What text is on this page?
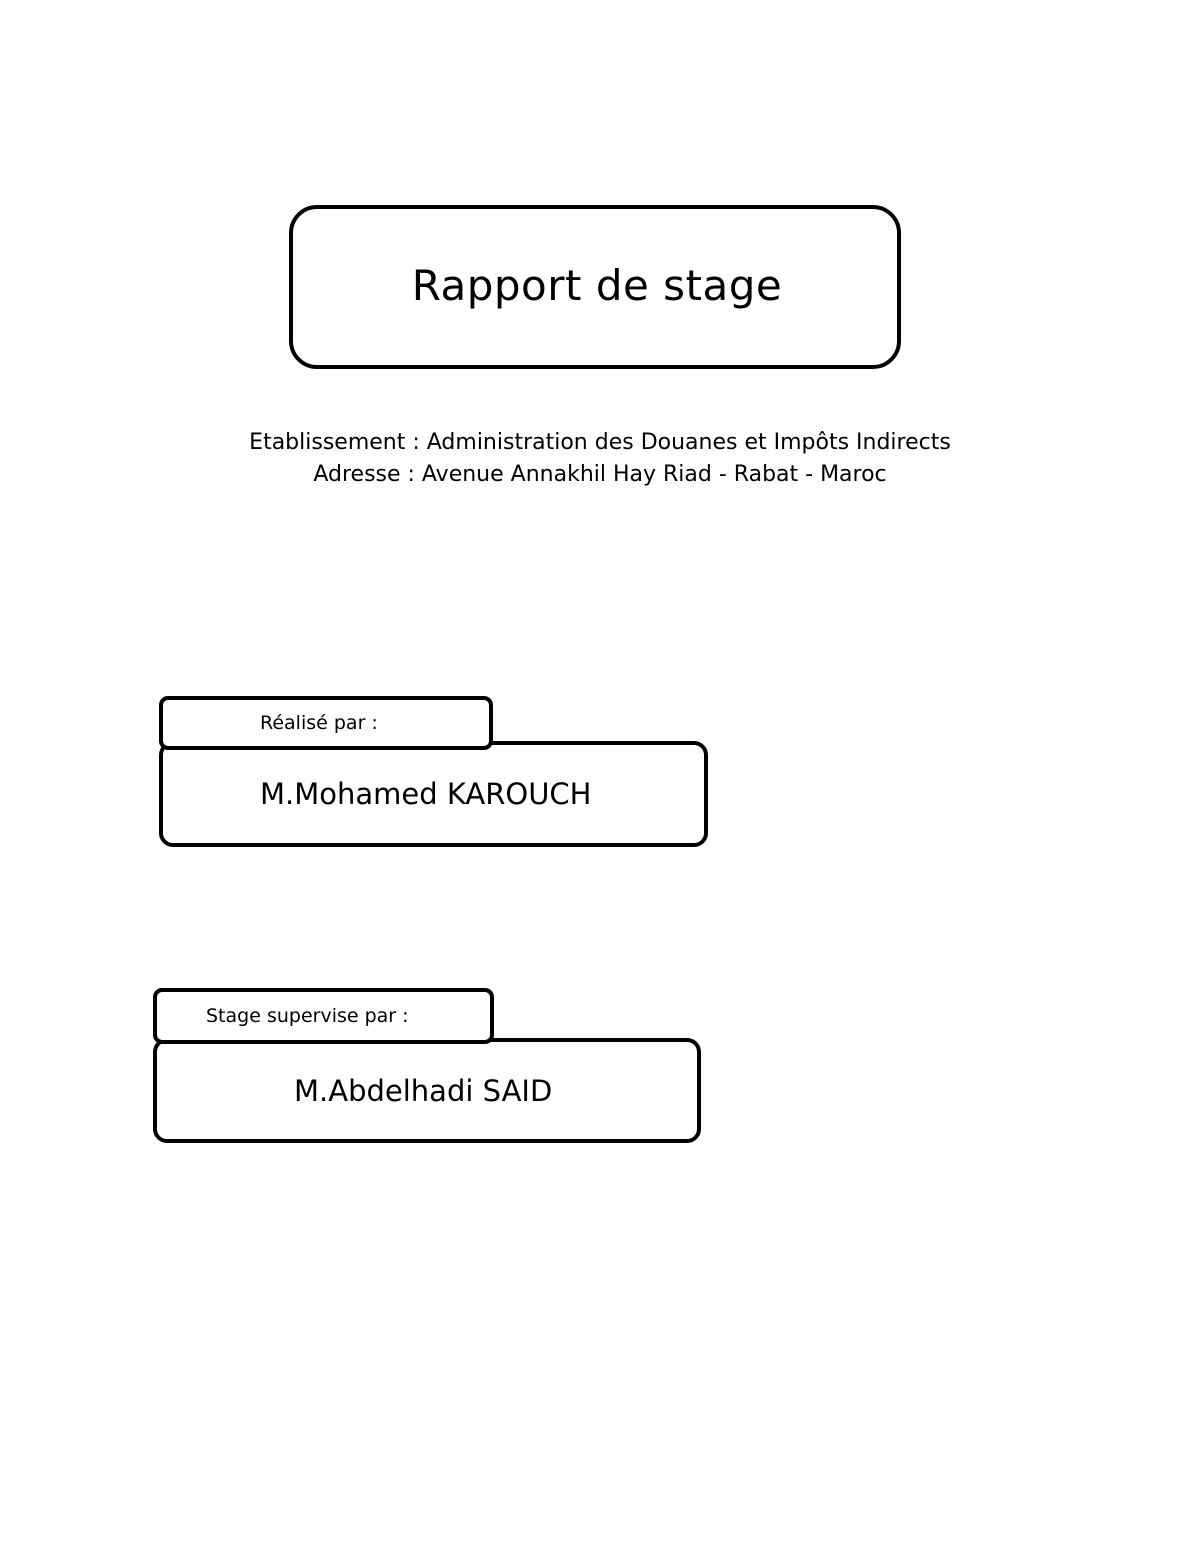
Rapport de stage
Etablissement : Administration des Douanes et Impôts Indirects
Adresse : Avenue Annakhil Hay Riad - Rabat - Maroc
Réalisé par :
M.Mohamed KAROUCH
Stage supervise par :
M.Abdelhadi SAID
